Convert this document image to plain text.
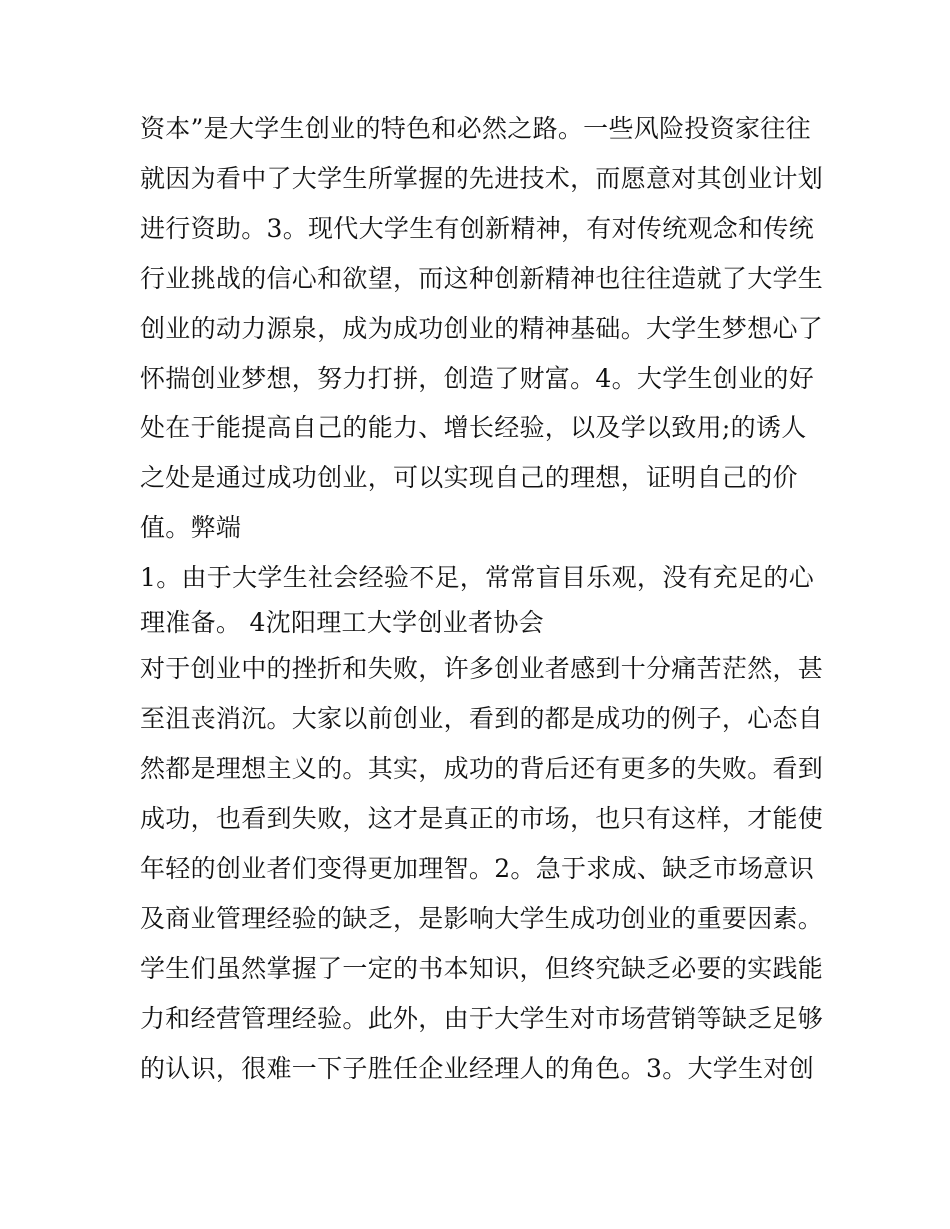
资本”是大学生创业的特色和必然之路。一些风险投资家往往
就因为看中了大学生所掌握的先进技术，而愿意对其创业计划
进行资助。3。现代大学生有创新精神，有对传统观念和传统
行业挑战的信心和欲望，而这种创新精神也往往造就了大学生
创业的动力源泉，成为成功创业的精神基础。大学生梦想心了
怀揣创业梦想，努力打拼，创造了财富。4。大学生创业的好
处在于能提高自己的能力、增长经验，以及学以致用;的诱人
之处是通过成功创业，可以实现自己的理想，证明自己的价
值。弊端
1。由于大学生社会经验不足，常常盲目乐观，没有充足的心
理准备。 4沈阳理工大学创业者协会
对于创业中的挫折和失败，许多创业者感到十分痛苦茫然，甚
至沮丧消沉。大家以前创业，看到的都是成功的例子，心态自
然都是理想主义的。其实，成功的背后还有更多的失败。看到
成功，也看到失败，这才是真正的市场，也只有这样，才能使
年轻的创业者们变得更加理智。2。急于求成、缺乏市场意识
及商业管理经验的缺乏，是影响大学生成功创业的重要因素。
学生们虽然掌握了一定的书本知识，但终究缺乏必要的实践能
力和经营管理经验。此外，由于大学生对市场营销等缺乏足够
的认识，很难一下子胜任企业经理人的角色。3。大学生对创
